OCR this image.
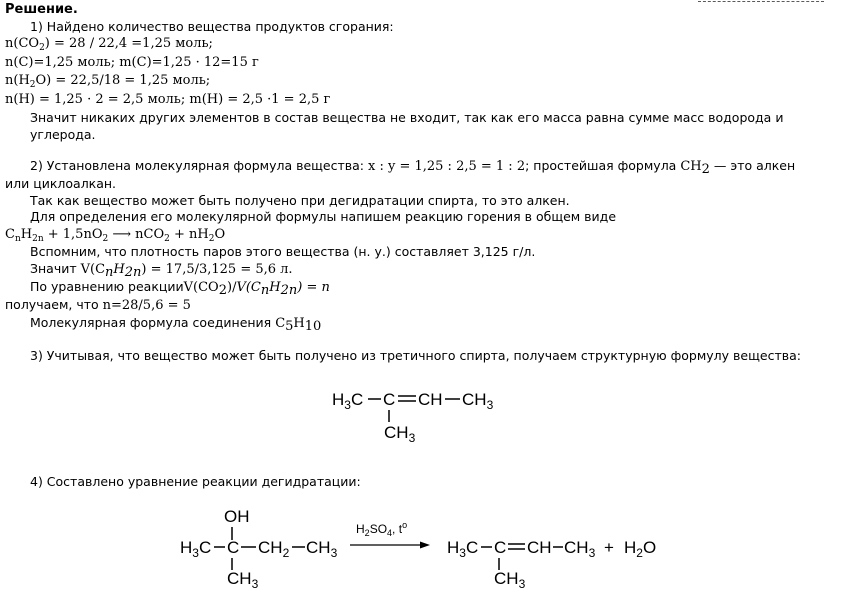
Решение.
1) Найдено количество вещества продуктов сгорания:
$n(CO_2) = 28 / 22,4 =1,25$ моль;
n(C)=1,25 моль; m(C)=1,25 · 12=15 г
$n(H_2O) = 22,5/18 = 1,25$ моль;
n(H) = 1,25 · 2 = 2,5 моль; m(H) = 2,5 ·1 = 2,5 г
Значит никаких других элементов в состав вещества не входит, так как его масса равна сумме масс водорода и
углерода.
2) Установлена молекулярная формула вещества: x : y = 1,25 : 2,5 = 1 : 2; простейшая формула $CH_2$ — это алкен
или циклоалкан.
Так как вещество может быть получено при дегидратации спирта, то это алкен.
Для определения его молекулярной формулы напишем реакцию горения в общем виде
$C_nH_{2n} + 1,5nO_2$ ⟶ $nCO_2 + nH_2O$
Вспомним, что плотность паров этого вещества (н. у.) составляет 3,125 г/л.
Значит $V(C_nH_{2n}) = 17,5/3,125 = 5,6$ л.
По уравнению $реакцииV(CO_2)/V(C_nH_{2n}) = n$
получаем, что n=28/5,6 = 5
Молекулярная формула соединения $C_5H_{10}$
3) Учитывая, что вещество может быть получено из третичного спирта, получаем структурную формулу вещества:
$H_3C$ C CH $CH_3$
$CH_3$
OH
$H_3C$ C $CH_2$ $CH_3$
$CH_3$
$H_2SO_4$, $t^o$
$H_3C$ C CH $CH_3$
$CH_3$
+ $H_2O$
4) Составлено уравнение реакции дегидратации:
